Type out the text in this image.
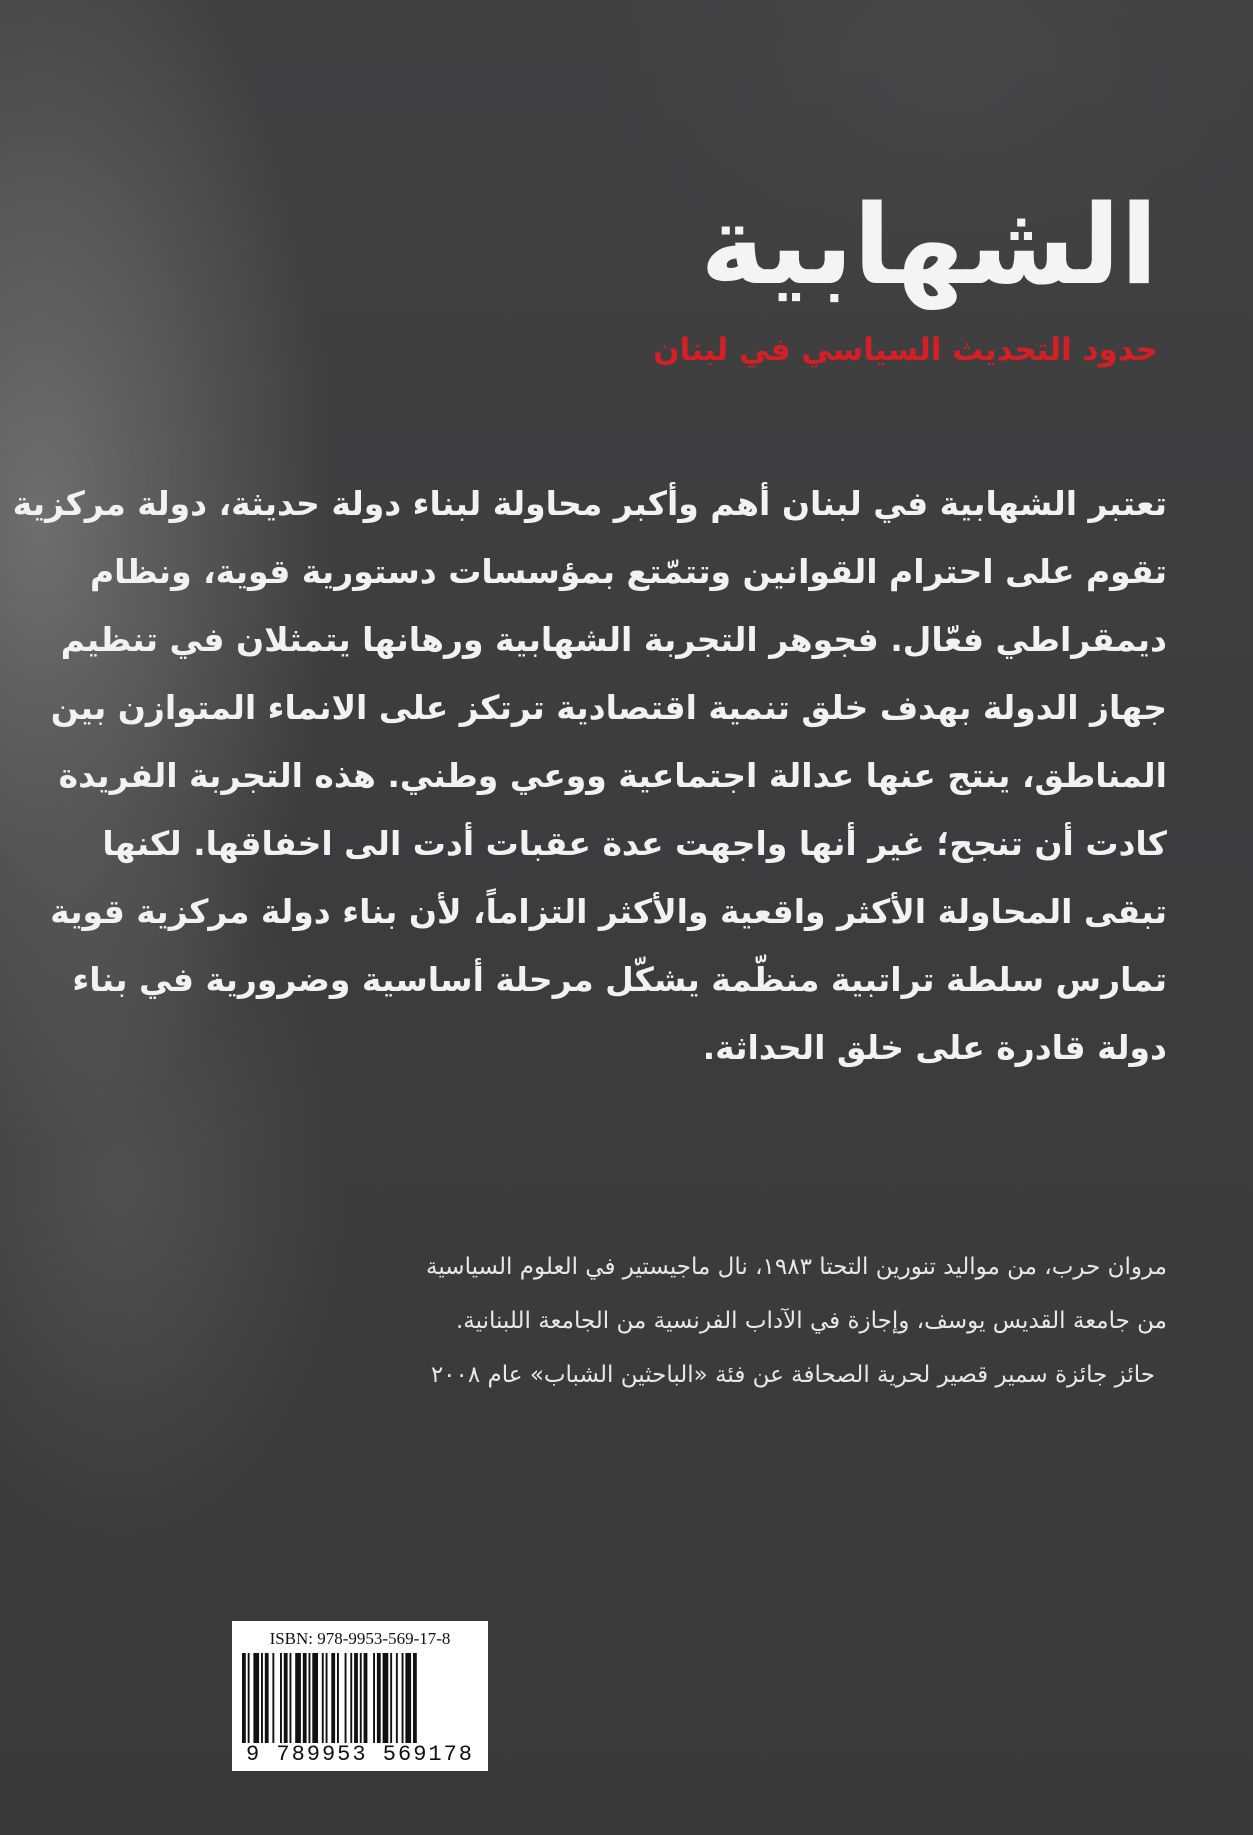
الشهابية
حدود التحديث السياسي في لبنان
تعتبر الشهابية في لبنان أهم وأكبر محاولة لبناء دولة حديثة، دولة مركزية
تقوم على احترام القوانين وتتمّتع بمؤسسات دستورية قوية، ونظام
ديمقراطي فعّال. فجوهر التجربة الشهابية ورهانها يتمثلان في تنظيم
جهاز الدولة بهدف خلق تنمية اقتصادية ترتكز على الانماء المتوازن بين
المناطق، ينتج عنها عدالة اجتماعية ووعي وطني. هذه التجربة الفريدة
كادت أن تنجح؛ غير أنها واجهت عدة عقبات أدت الى اخفاقها. لكنها
تبقى المحاولة الأكثر واقعية والأكثر التزاماً، لأن بناء دولة مركزية قوية
تمارس سلطة تراتبية منظّمة يشكّل مرحلة أساسية وضرورية في بناء
دولة قادرة على خلق الحداثة.
مروان حرب، من مواليد تنورين التحتا ١٩٨٣، نال ماجيستير في العلوم السياسية
من جامعة القديس يوسف، وإجازة في الآداب الفرنسية من الجامعة اللبنانية.
حائز جائزة سمير قصير لحرية الصحافة عن فئة «الباحثين الشباب» عام ٢٠٠٨
ISBN: 978-9953-569-17-8
9 789953 569178
